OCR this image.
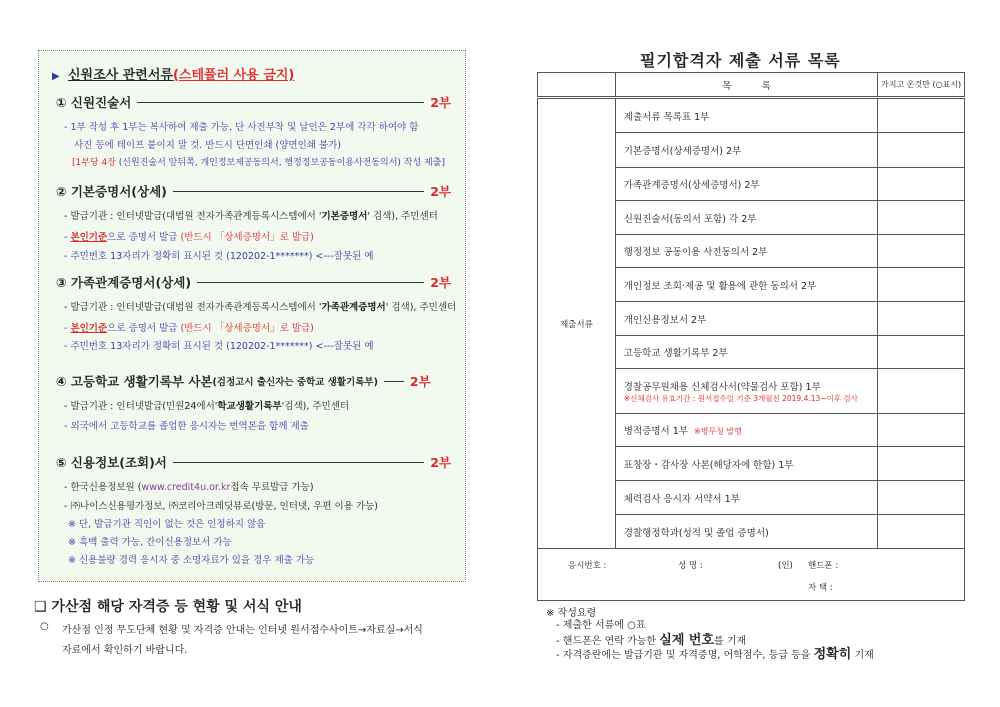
▶ 신원조사 관련서류(스테플러 사용 금지)
① 신원진술서	2부
- 1부 작성 후 1부는 복사하여 제출 가능, 단 사진부착 및 날인은 2부에 각각 하여야 함
사진 등에 테이프 붙이지 말 것. 반드시 단면인쇄 (양면인쇄 불가)
[1부당 4장 (신원진술서 앞뒤쪽, 개인정보제공동의서, 행정정보공동이용사전동의서) 작성 제출]
② 기본증명서(상세)	2부
- 발급기관 : 인터넷발급(대법원 전자가족관계등록시스템에서 '기본증명서' 검색), 주민센터
- 본인기준으로 증명서 발급 (반드시 「상세증명서」로 발급)
- 주민번호 13자리가 정확히 표시된 것 (120202-1*******) <---잘못된 예
③ 가족관계증명서(상세)	2부
- 발급기관 : 인터넷발급(대법원 전자가족관계등록시스템에서 '가족관계증명서' 검색), 주민센터
- 본인기준으로 증명서 발급 (반드시 「상세증명서」로 발급)
- 주민번호 13자리가 정확히 표시된 것 (120202-1*******) <---잘못된 예
④ 고등학교 생활기록부 사본 (검정고시 출신자는 중학교 생활기록부)	2부
- 발급기관 : 인터넷발급(민원24에서'학교생활기록부'검색), 주민센터
- 외국에서 고등학교를 졸업한 응시자는 번역본을 함께 제출
⑤ 신용정보(조회)서	2부
- 한국신용정보원 (www.credit4u.or.kr접속 무료발급 가능)
- ㈜나이스신용평가정보, ㈜코리아크레딧뷰로(방문, 인터넷, 우편 이용 가능)
※ 단, 발급기관 직인이 없는 것은 인정하지 않음
※ 흑백 출력 가능, 간이신용정보서 가능
※ 신용불량 경력 응시자 중 소명자료가 있을 경우 제출 가능
❑ 가산점 해당 자격증 등 현황 및 서식 안내
○ 가산점 인정 무도단체 현황 및 자격증 안내는 인터넷 원서접수사이트→자료실→서식
자료에서 확인하기 바랍니다.
필기합격자 제출 서류 목록
	목          록	가지고 온것만 (○표시)
제출서류	제출서류 목록표 1부	
	기본증명서(상세증명서) 2부	
	가족관계증명서(상세증명서) 2부	
	신원진술서(동의서 포함) 각 2부	
	행정정보 공동이용 사전동의서 2부	
	개인정보 조회·제공 및 활용에 관한 동의서 2부	
	개인신용정보서 2부	
	고등학교 생활기록부 2부	
	경찰공무원채용 신체검사서(약물검사 포함) 1부
※신체검사 유효기간 : 원서접수일 기준 3개월전 2019.4.13~이후 검사	
	병적증명서 1부 ※병무청 발행	
	표창장・감사장 사본(해당자에 한함) 1부	
	체력검사 응시자 서약서 1부	
	경찰행정학과(성적 및 졸업 증명서)	

응시번호 : 성 명 : (인) 핸드폰 :
자 택 :		
※ 작성요령
- 제출한 서류에 ○표
- 핸드폰은 연락 가능한 실제 번호를 기재
- 자격증란에는 발급기관 및 자격증명, 어학점수, 등급 등을 정확히 기재
